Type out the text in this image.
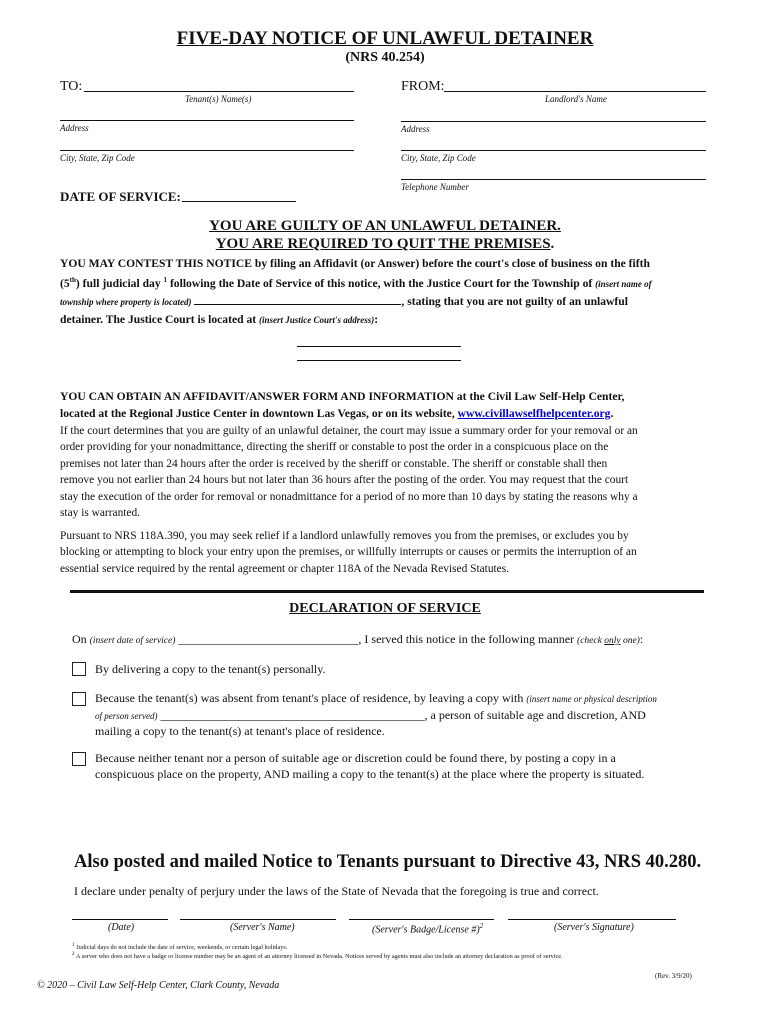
FIVE-DAY NOTICE OF UNLAWFUL DETAINER
(NRS 40.254)
TO:
Tenant(s) Name(s)
FROM:
Landlord's Name
Address	Address
City, State, Zip Code	City, State, Zip Code
Telephone Number
DATE OF SERVICE:
YOU ARE GUILTY OF AN UNLAWFUL DETAINER.
YOU ARE REQUIRED TO QUIT THE PREMISES.

YOU MAY CONTEST THIS NOTICE by filing an Affidavit (or Answer) before the court's close of business on the fifth

(5th) full judicial day $^1$ following the Date of Service of this notice, with the Justice Court for the Township of (insert name of

township where property is located)	, stating that you are not guilty of an unlawful

detainer. The Justice Court is located at (insert Justice Court's address):

YOU CAN OBTAIN AN AFFIDAVIT/ANSWER FORM AND INFORMATION at the Civil Law Self-Help Center,

located at the Regional Justice Center in downtown Las Vegas, or on its website, www.civillawselfhelpcenter.org.

If the court determines that you are guilty of an unlawful detainer, the court may issue a summary order for your removal or an

order providing for your nonadmittance, directing the sheriff or constable to post the order in a conspicuous place on the

premises not later than 24 hours after the order is received by the sheriff or constable. The sheriff or constable shall then

remove you not earlier than 24 hours but not later than 36 hours after the posting of the order. You may request that the court

stay the execution of the order for removal or nonadmittance for a period of no more than 10 days by stating the reasons why a

stay is warranted.

Pursuant to NRS 118A.390, you may seek relief if a landlord unlawfully removes you from the premises, or excludes you by

blocking or attempting to block your entry upon the premises, or willfully interrupts or causes or permits the interruption of an

essential service required by the rental agreement or chapter 118A of the Nevada Revised Statutes.

DECLARATION OF SERVICE
On (insert date of service) ______________________________, I served this notice in the following manner (check only one):
By delivering a copy to the tenant(s) personally.

Because the tenant(s) was absent from tenant's place of residence, by leaving a copy with (insert name or physical description

of person served) ____________________________________________, a person of suitable age and discretion, AND

mailing a copy to the tenant(s) at tenant's place of residence.

Because neither tenant nor a person of suitable age or discretion could be found there, by posting a copy in a

conspicuous place on the property, AND mailing a copy to the tenant(s) at the place where the property is situated.

Also posted and mailed Notice to Tenants pursuant to Directive 43, NRS 40.280.
I declare under penalty of perjury under the laws of the State of Nevada that the foregoing is true and correct.
(Date)	(Server's Name)	(Server's Badge/License #)$^2$	(Server's Signature)
$^1$ Judicial days do not include the date of service, weekends, or certain legal holidays.
$^2$ A server who does not have a badge or license number may be an agent of an attorney licensed in Nevada. Notices served by agents must also include an attorney declaration as proof of service.
(Rev. 3/9/20)
© 2020 – Civil Law Self-Help Center, Clark County, Nevada
